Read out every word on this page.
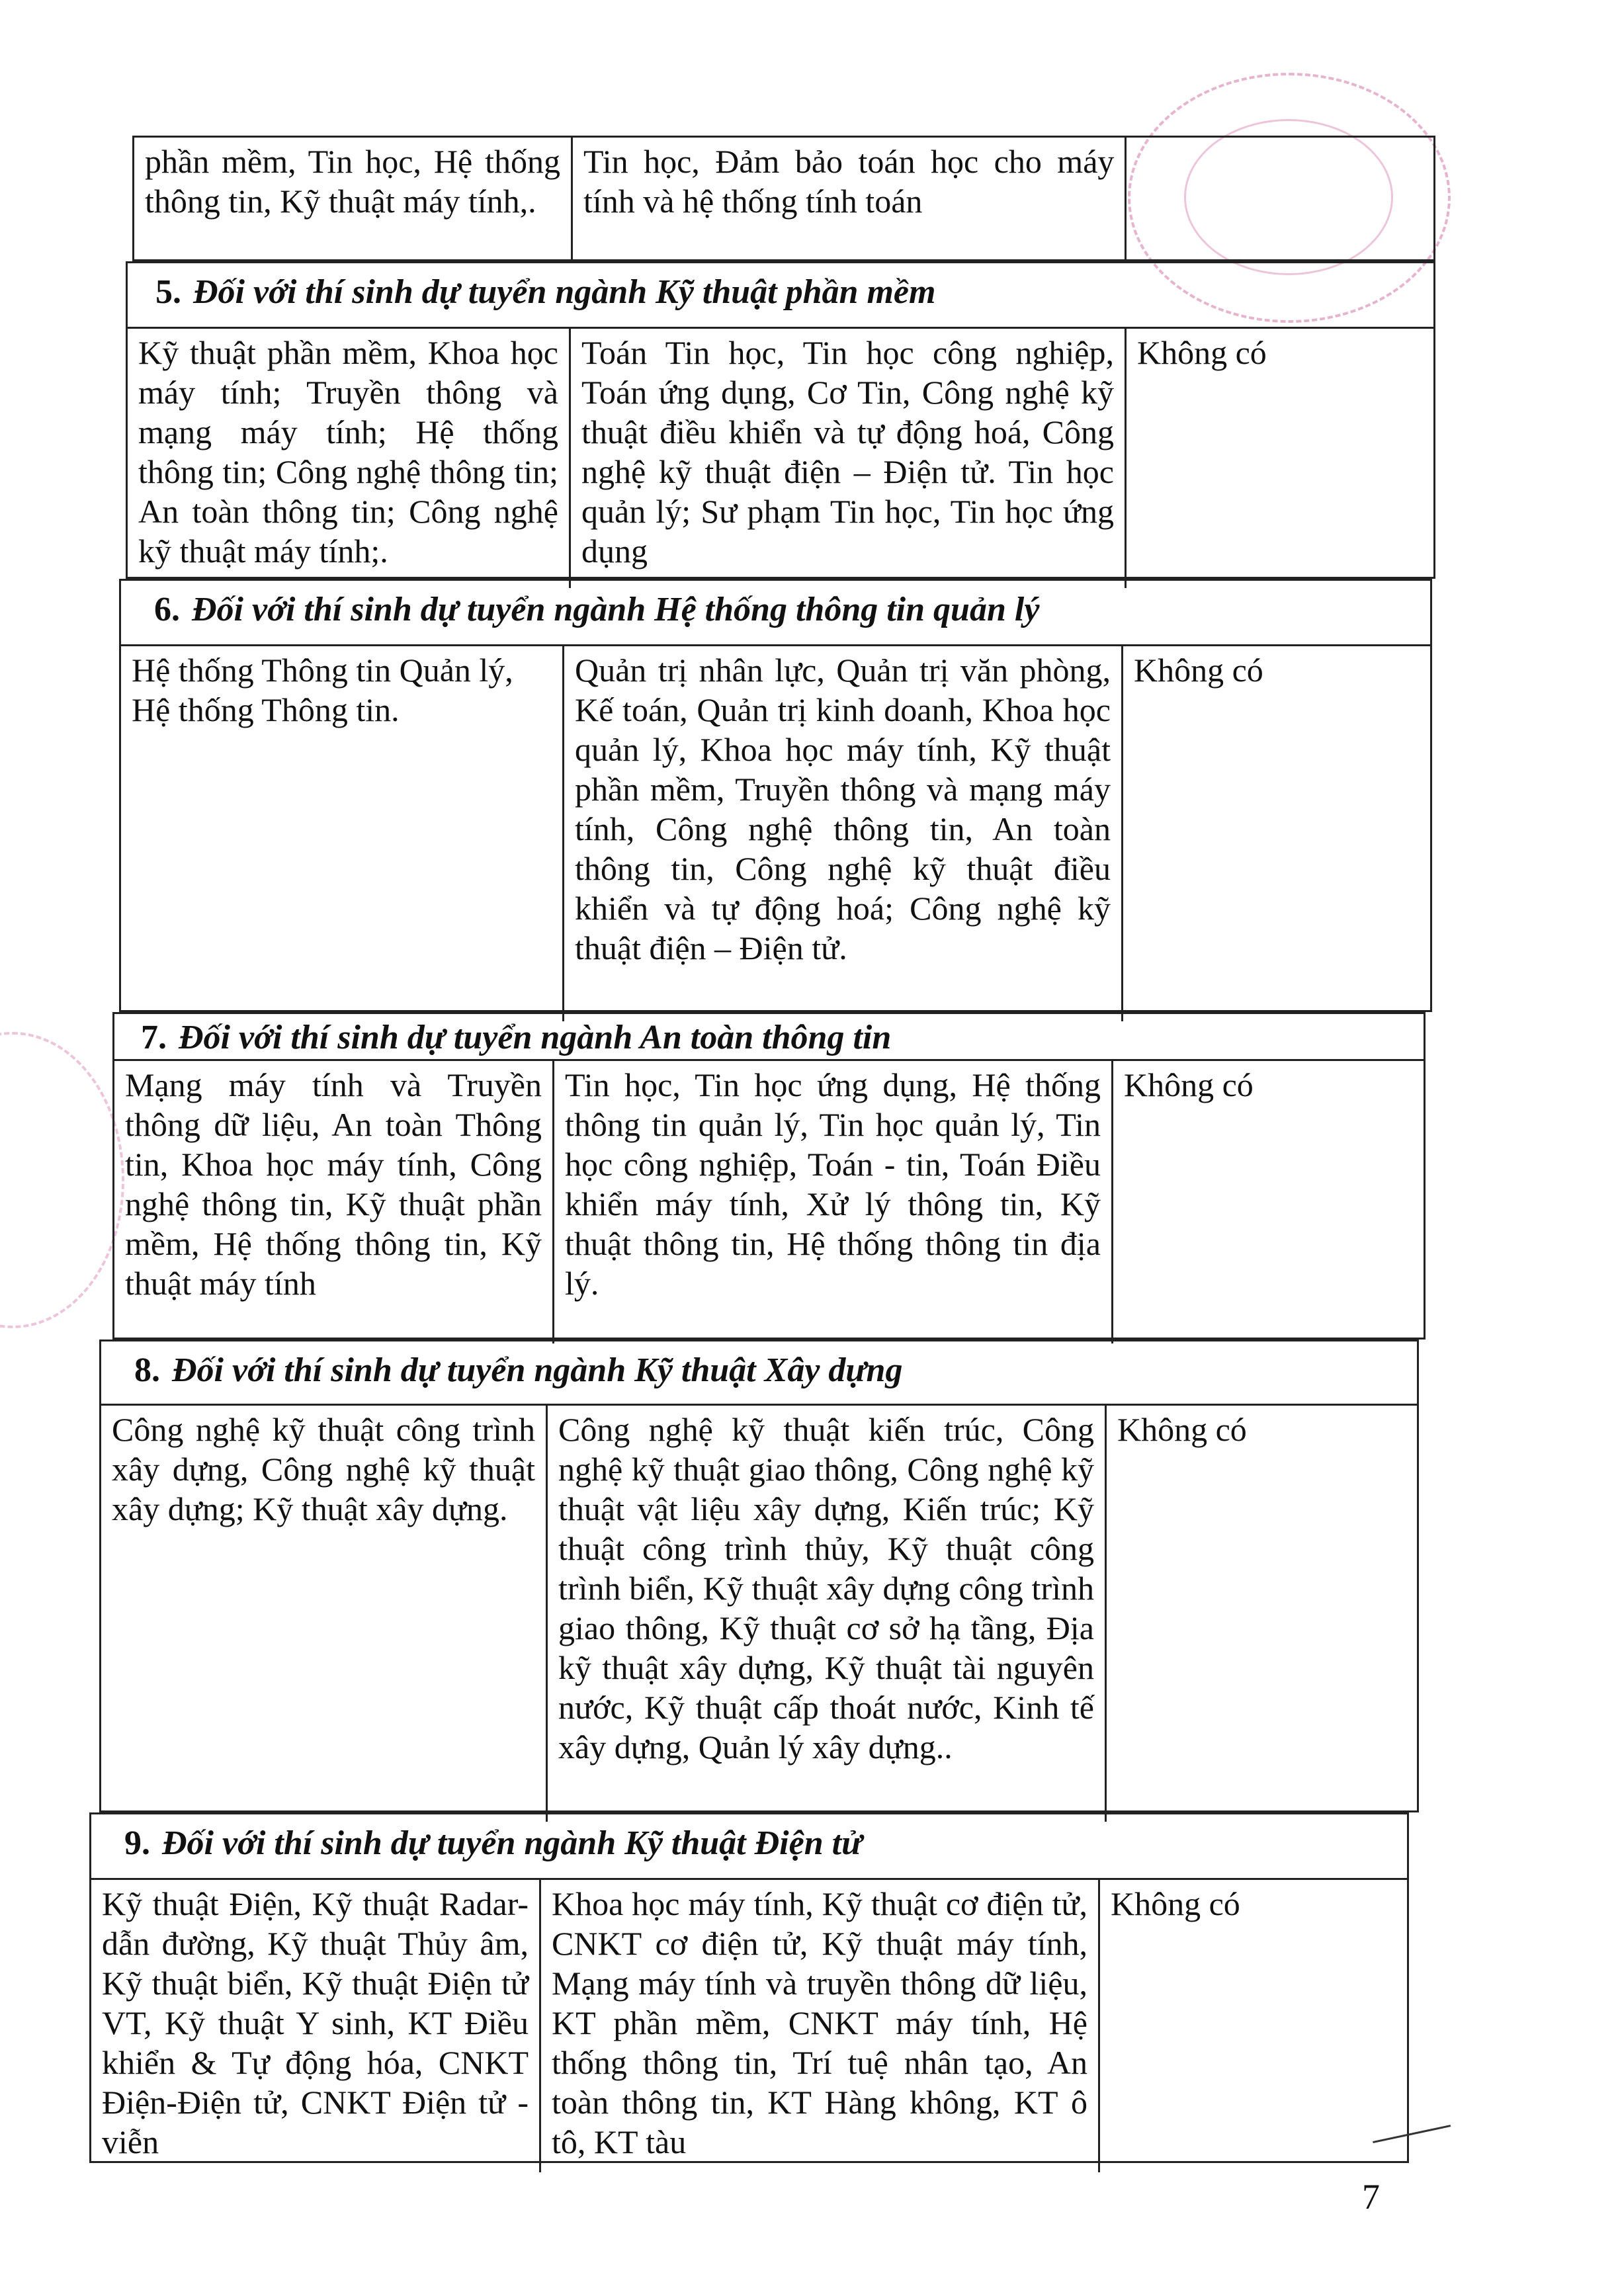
phần mềm, Tin học, Hệ thống thông tin, Kỹ thuật máy tính,.
Tin học, Đảm bảo toán học cho máy tính và hệ thống tính toán
5. Đối với thí sinh dự tuyển ngành Kỹ thuật phần mềm
Kỹ thuật phần mềm, Khoa học máy tính; Truyền thông và mạng máy tính; Hệ thống thông tin; Công nghệ thông tin; An toàn thông tin; Công nghệ kỹ thuật máy tính;.
Toán Tin học, Tin học công nghiệp, Toán ứng dụng, Cơ Tin, Công nghệ kỹ thuật điều khiển và tự động hoá, Công nghệ kỹ thuật điện – Điện tử. Tin học quản lý; Sư phạm Tin học, Tin học ứng dụng
Không có
6. Đối với thí sinh dự tuyển ngành Hệ thống thông tin quản lý
Hệ thống Thông tin Quản lý, Hệ thống Thông tin.
Quản trị nhân lực, Quản trị văn phòng, Kế toán, Quản trị kinh doanh, Khoa học quản lý, Khoa học máy tính, Kỹ thuật phần mềm, Truyền thông và mạng máy tính, Công nghệ thông tin, An toàn thông tin, Công nghệ kỹ thuật điều khiển và tự động hoá; Công nghệ kỹ thuật điện – Điện tử.
Không có
7. Đối với thí sinh dự tuyển ngành An toàn thông tin
Mạng máy tính và Truyền thông dữ liệu, An toàn Thông tin, Khoa học máy tính, Công nghệ thông tin, Kỹ thuật phần mềm, Hệ thống thông tin, Kỹ thuật máy tính
Tin học, Tin học ứng dụng, Hệ thống thông tin quản lý, Tin học quản lý, Tin học công nghiệp, Toán - tin, Toán Điều khiển máy tính, Xử lý thông tin, Kỹ thuật thông tin, Hệ thống thông tin địa lý.
Không có
8. Đối với thí sinh dự tuyển ngành Kỹ thuật Xây dựng
Công nghệ kỹ thuật công trình xây dựng, Công nghệ kỹ thuật xây dựng; Kỹ thuật xây dựng.
Công nghệ kỹ thuật kiến trúc, Công nghệ kỹ thuật giao thông, Công nghệ kỹ thuật vật liệu xây dựng, Kiến trúc; Kỹ thuật công trình thủy, Kỹ thuật công trình biển, Kỹ thuật xây dựng công trình giao thông, Kỹ thuật cơ sở hạ tầng, Địa kỹ thuật xây dựng, Kỹ thuật tài nguyên nước, Kỹ thuật cấp thoát nước, Kinh tế xây dựng, Quản lý xây dựng..
Không có
9. Đối với thí sinh dự tuyển ngành Kỹ thuật Điện tử
Kỹ thuật Điện, Kỹ thuật Radar-dẫn đường, Kỹ thuật Thủy âm, Kỹ thuật biển, Kỹ thuật Điện tử VT, Kỹ thuật Y sinh, KT Điều khiển & Tự động hóa, CNKT Điện-Điện tử, CNKT Điện tử - viễn
Khoa học máy tính, Kỹ thuật cơ điện tử, CNKT cơ điện tử, Kỹ thuật máy tính, Mạng máy tính và truyền thông dữ liệu, KT phần mềm, CNKT máy tính, Hệ thống thông tin, Trí tuệ nhân tạo, An toàn thông tin, KT Hàng không, KT ô tô, KT tàu
Không có
7
